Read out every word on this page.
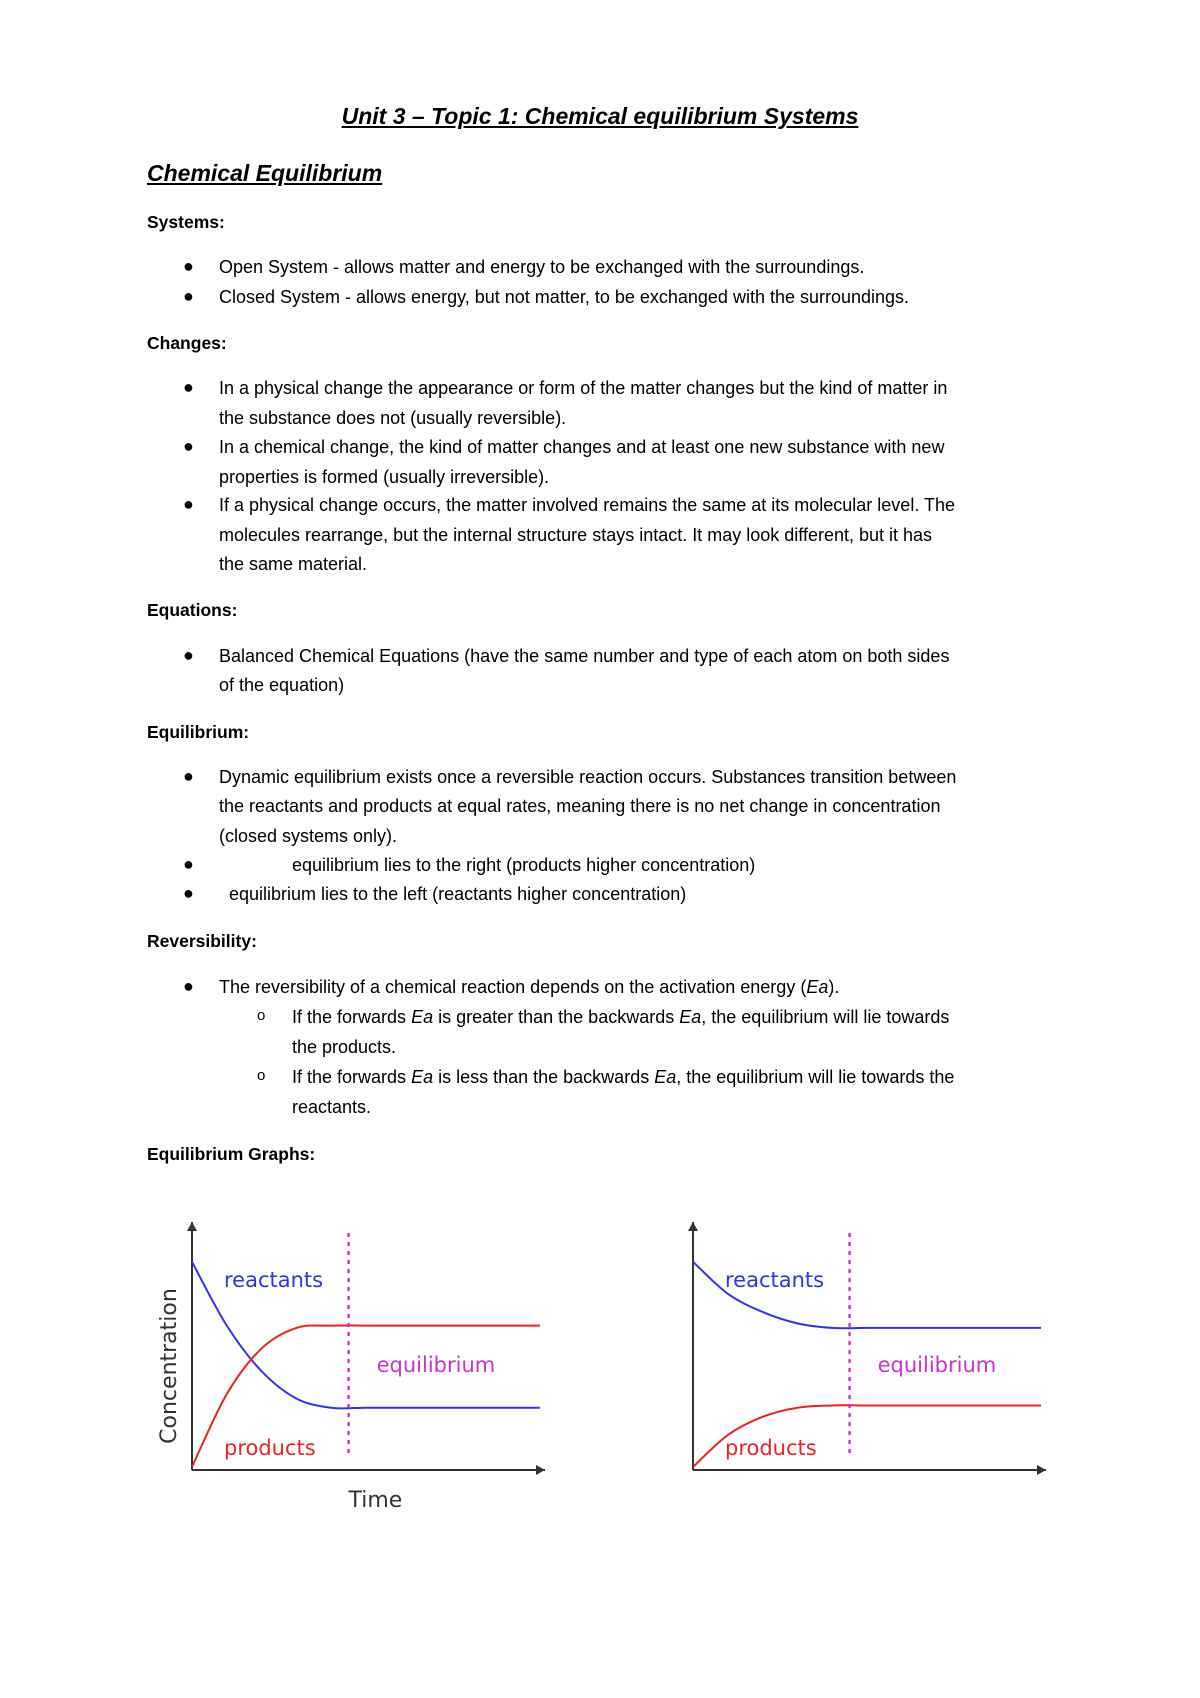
Unit 3 – Topic 1: Chemical equilibrium Systems
Chemical Equilibrium
Systems:
● Open System - allows matter and energy to be exchanged with the surroundings.
● Closed System - allows energy, but not matter, to be exchanged with the surroundings.
Changes:
● In a physical change the appearance or form of the matter changes but the kind of matter in
the substance does not (usually reversible).
● In a chemical change, the kind of matter changes and at least one new substance with new
properties is formed (usually irreversible).
● If a physical change occurs, the matter involved remains the same at its molecular level. The
molecules rearrange, but the internal structure stays intact. It may look different, but it has
the same material.
Equations:
● Balanced Chemical Equations (have the same number and type of each atom on both sides
of the equation)
Equilibrium:
● Dynamic equilibrium exists once a reversible reaction occurs. Substances transition between
the reactants and products at equal rates, meaning there is no net change in concentration
(closed systems only).
●	equilibrium lies to the right (products higher concentration)
● equilibrium lies to the left (reactants higher concentration)
Reversibility:
● The reversibility of a chemical reaction depends on the activation energy (Ea).
o If the forwards Ea is greater than the backwards Ea, the equilibrium will lie towards
the products.
o If the forwards Ea is less than the backwards Ea, the equilibrium will lie towards the
reactants.
Equilibrium Graphs:
reactants
products
equilibrium
Time
Concentration
reactants
products
equilibrium
